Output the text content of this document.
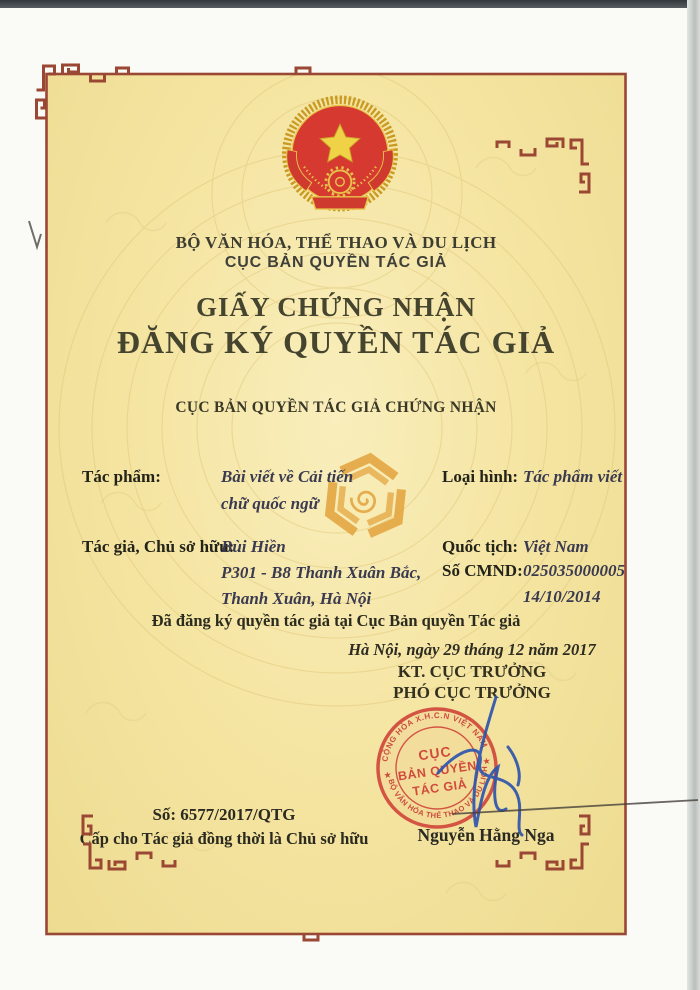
BỘ VĂN HÓA, THỂ THAO VÀ DU LỊCH
CỤC BẢN QUYỀN TÁC GIẢ
GIẤY CHỨNG NHẬN
ĐĂNG KÝ QUYỀN TÁC GIẢ
CỤC BẢN QUYỀN TÁC GIẢ CHỨNG NHẬN
Tác phẩm:	Bài viết về Cải tiến
chữ quốc ngữ
Loại hình: Tác phẩm viết
Tác giả, Chủ sở hữu:
Bùi Hiền
P301 - B8 Thanh Xuân Bắc,
Thanh Xuân, Hà Nội
Quốc tịch: Việt Nam
Số CMND: 025035000005
14/10/2014
Đã đăng ký quyền tác giả tại Cục Bản quyền Tác giả
Hà Nội, ngày 29 tháng 12 năm 2017
KT. CỤC TRƯỞNG
PHÓ CỤC TRƯỞNG
CỘNG HÒA X.H.C.N VIỆT NAM
BỘ VĂN HÓA THỂ THAO VÀ DU LỊCH
★
★
CỤC
BẢN QUYỀN
TÁC GIẢ
Nguyễn Hằng Nga
Số: 6577/2017/QTG
Cấp cho Tác giả đồng thời là Chủ sở hữu
